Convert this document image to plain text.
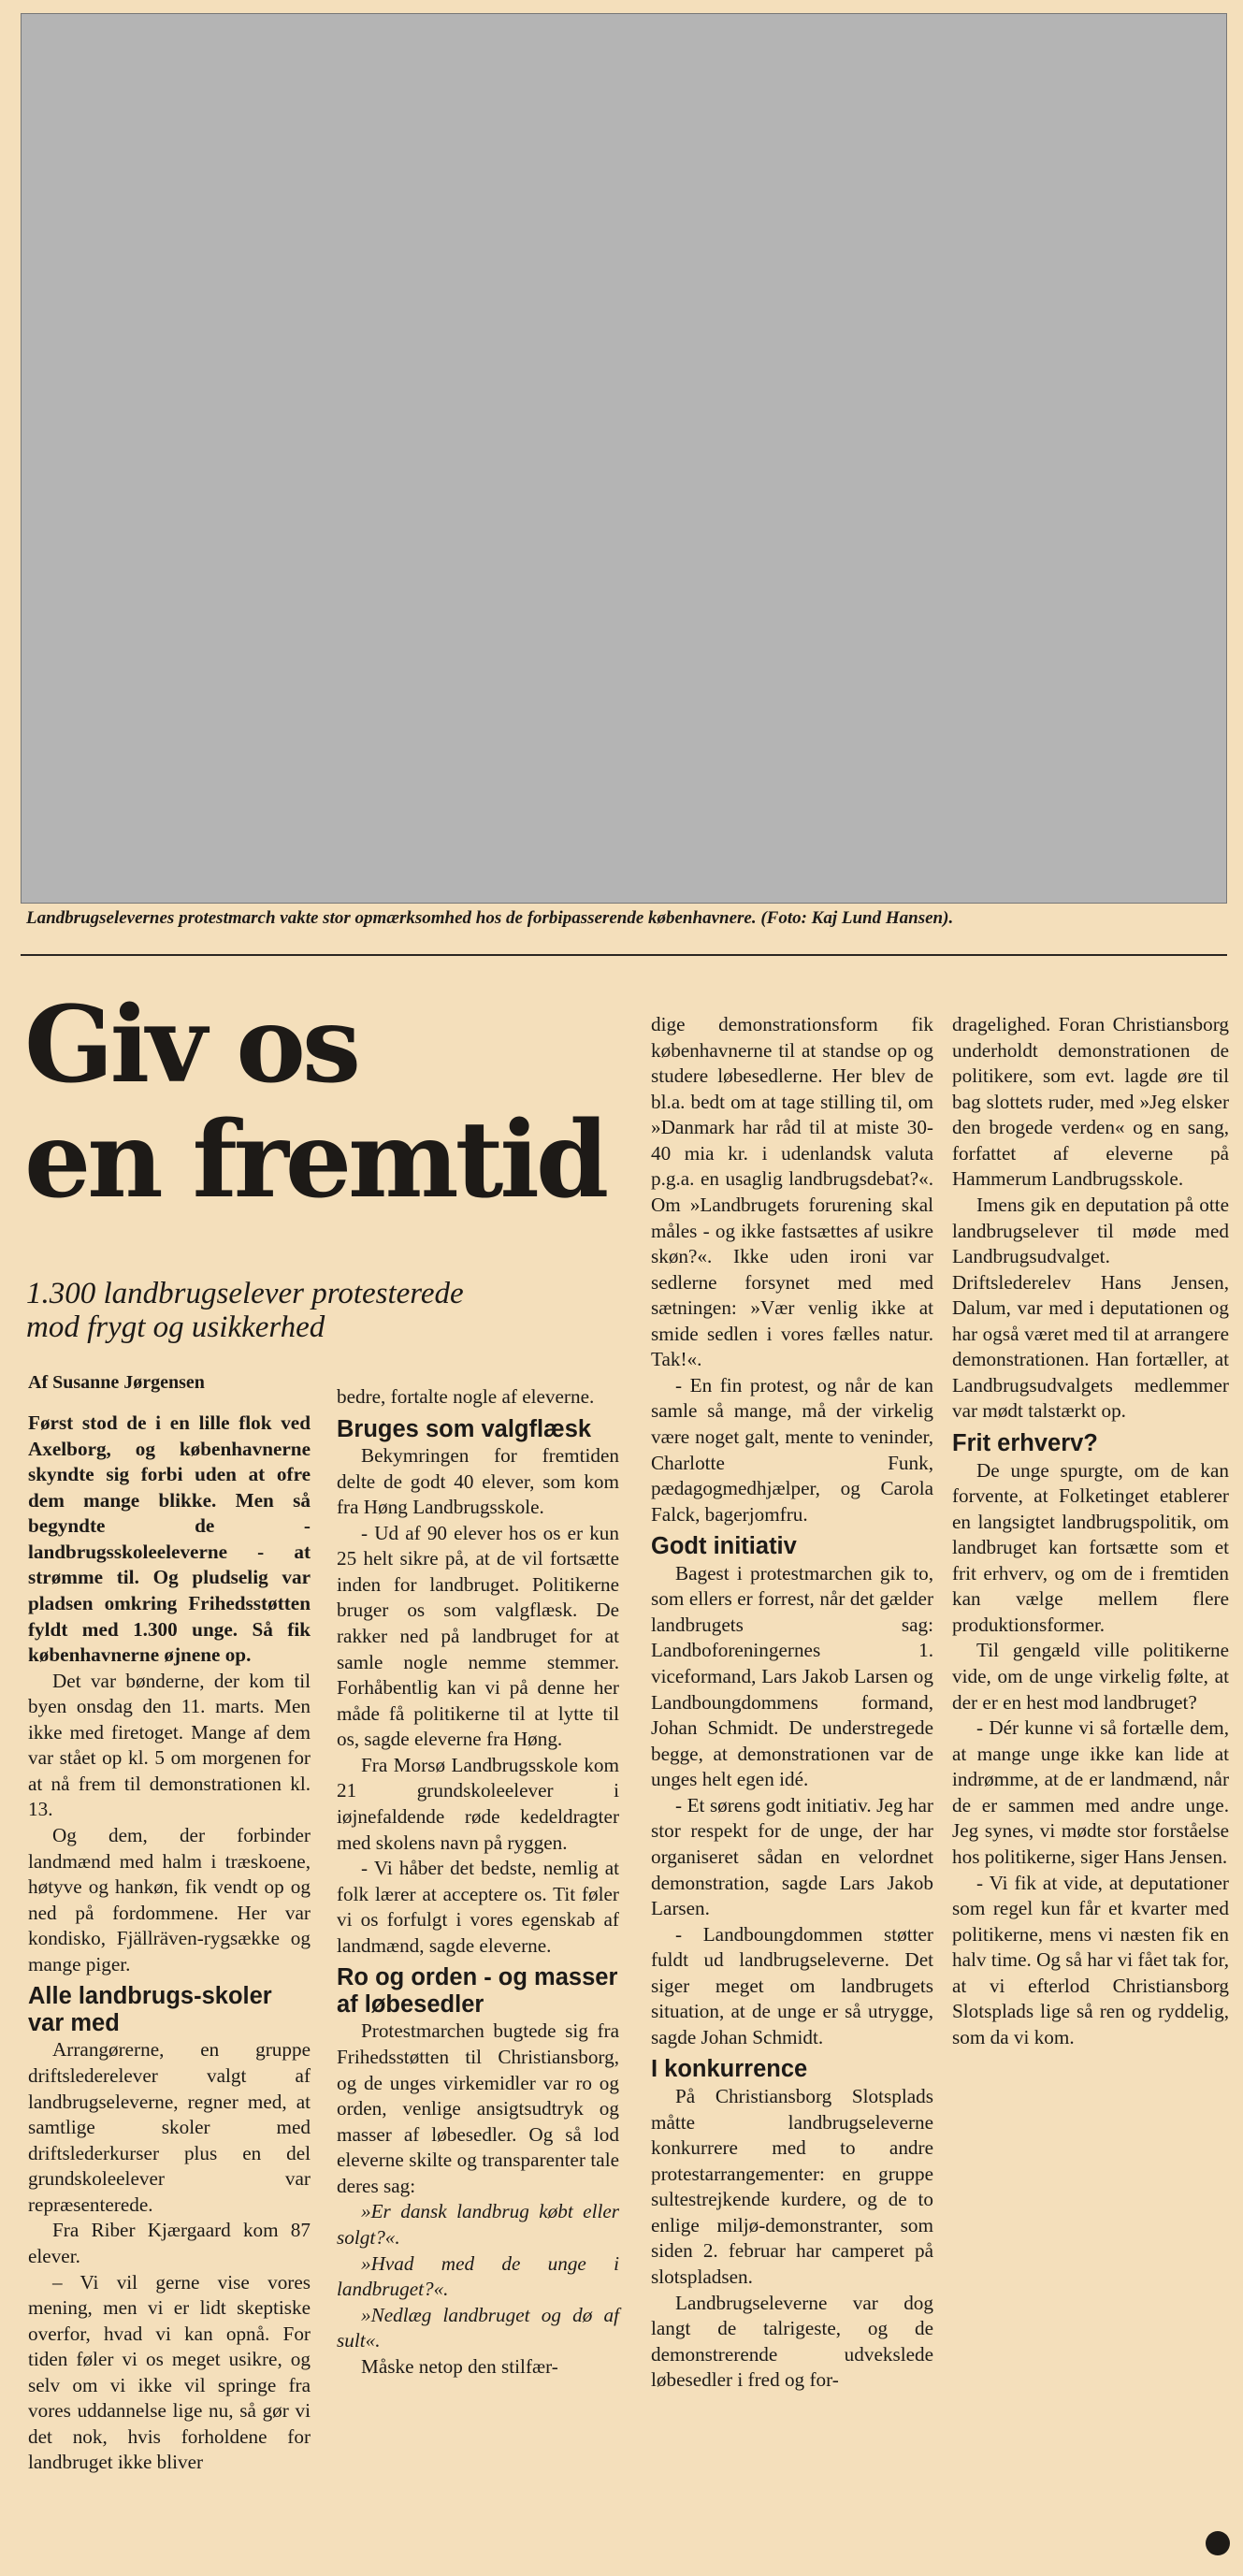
Landbrugselevernes protestmarch vakte stor opmærksomhed hos de forbipasserende københavnere. (Foto: Kaj Lund Hansen).
Giv os
en fremtid
1.300 landbrugselever protesterede
mod frygt og usikkerhed
Af Susanne Jørgensen

Først stod de i en lille flok ved Axelborg, og københavnerne skyndte sig forbi uden at ofre dem mange blikke. Men så begyndte de - landbrugsskoleeleverne - at strømme til. Og pludselig var pladsen omkring Frihedsstøtten fyldt med 1.300 unge. Så fik københavnerne øjnene op.

Det var bønderne, der kom til byen onsdag den 11. marts. Men ikke med firetoget. Mange af dem var stået op kl. 5 om morgenen for at nå frem til demonstrationen kl. 13.

Og dem, der forbinder landmænd med halm i træskoene, høtyve og hankøn, fik vendt op og ned på fordommene. Her var kondisko, Fjällräven-rygsække og mange piger.

Alle landbrugs-skoler var med

Arrangørerne, en gruppe driftslederelever valgt af landbrugseleverne, regner med, at samtlige skoler med driftslederkurser plus en del grundskoleelever var repræsenterede.

Fra Riber Kjærgaard kom 87 elever.

– Vi vil gerne vise vores mening, men vi er lidt skeptiske overfor, hvad vi kan opnå. For tiden føler vi os meget usikre, og selv om vi ikke vil springe fra vores uddannelse lige nu, så gør vi det nok, hvis forholdene for landbruget ikke bliver

bedre, fortalte nogle af eleverne.

Bruges som valgflæsk

Bekymringen for fremtiden delte de godt 40 elever, som kom fra Høng Landbrugsskole.

- Ud af 90 elever hos os er kun 25 helt sikre på, at de vil fortsætte inden for landbruget. Politikerne bruger os som valgflæsk. De rakker ned på landbruget for at samle nogle nemme stemmer. Forhåbentlig kan vi på denne her måde få politikerne til at lytte til os, sagde eleverne fra Høng.

Fra Morsø Landbrugsskole kom 21 grundskoleelever i iøjnefaldende røde kedeldragter med skolens navn på ryggen.

- Vi håber det bedste, nemlig at folk lærer at acceptere os. Tit føler vi os forfulgt i vores egenskab af landmænd, sagde eleverne.

Ro og orden - og masser af løbesedler

Protestmarchen bugtede sig fra Frihedsstøtten til Christiansborg, og de unges virkemidler var ro og orden, venlige ansigtsudtryk og masser af løbesedler. Og så lod eleverne skilte og transparenter tale deres sag:

»Er dansk landbrug købt eller solgt?«.

»Hvad med de unge i landbruget?«.

»Nedlæg landbruget og dø af sult«.

Måske netop den stilfær-

dige demonstrationsform fik københavnerne til at standse op og studere løbesedlerne. Her blev de bl.a. bedt om at tage stilling til, om »Danmark har råd til at miste 30-40 mia kr. i udenlandsk valuta p.g.a. en usaglig landbrugsdebat?«. Om »Landbrugets forurening skal måles - og ikke fastsættes af usikre skøn?«. Ikke uden ironi var sedlerne forsynet med med sætningen: »Vær venlig ikke at smide sedlen i vores fælles natur. Tak!«.

- En fin protest, og når de kan samle så mange, må der virkelig være noget galt, mente to veninder, Charlotte Funk, pædagogmedhjælper, og Carola Falck, bagerjomfru.

Godt initiativ

Bagest i protestmarchen gik to, som ellers er forrest, når det gælder landbrugets sag: Landboforeningernes 1. viceformand, Lars Jakob Larsen og Landboungdommens formand, Johan Schmidt. De understregede begge, at demonstrationen var de unges helt egen idé.

- Et sørens godt initiativ. Jeg har stor respekt for de unge, der har organiseret sådan en velordnet demonstration, sagde Lars Jakob Larsen.

- Landboungdommen støtter fuldt ud landbrugseleverne. Det siger meget om landbrugets situation, at de unge er så utrygge, sagde Johan Schmidt.

I konkurrence

På Christiansborg Slotsplads måtte landbrugseleverne konkurrere med to andre protestarrangementer: en gruppe sultestrejkende kurdere, og de to enlige miljø-demonstranter, som siden 2. februar har camperet på slotspladsen.

Landbrugseleverne var dog langt de talrigeste, og de demonstrerende udvekslede løbesedler i fred og for-

dragelighed. Foran Christiansborg underholdt demonstrationen de politikere, som evt. lagde øre til bag slottets ruder, med »Jeg elsker den brogede verden« og en sang, forfattet af eleverne på Hammerum Landbrugsskole.

Imens gik en deputation på otte landbrugselever til møde med Landbrugsudvalget. Driftslederelev Hans Jensen, Dalum, var med i deputationen og har også været med til at arrangere demonstrationen. Han fortæller, at Landbrugsudvalgets medlemmer var mødt talstærkt op.

Frit erhverv?

De unge spurgte, om de kan forvente, at Folketinget etablerer en langsigtet landbrugspolitik, om landbruget kan fortsætte som et frit erhverv, og om de i fremtiden kan vælge mellem flere produktionsformer.

Til gengæld ville politikerne vide, om de unge virkelig følte, at der er en hest mod landbruget?

- Dér kunne vi så fortælle dem, at mange unge ikke kan lide at indrømme, at de er landmænd, når de er sammen med andre unge. Jeg synes, vi mødte stor forståelse hos politikerne, siger Hans Jensen.

- Vi fik at vide, at deputationer som regel kun får et kvarter med politikerne, mens vi næsten fik en halv time. Og så har vi fået tak for, at vi efterlod Christiansborg Slotsplads lige så ren og ryddelig, som da vi kom.
